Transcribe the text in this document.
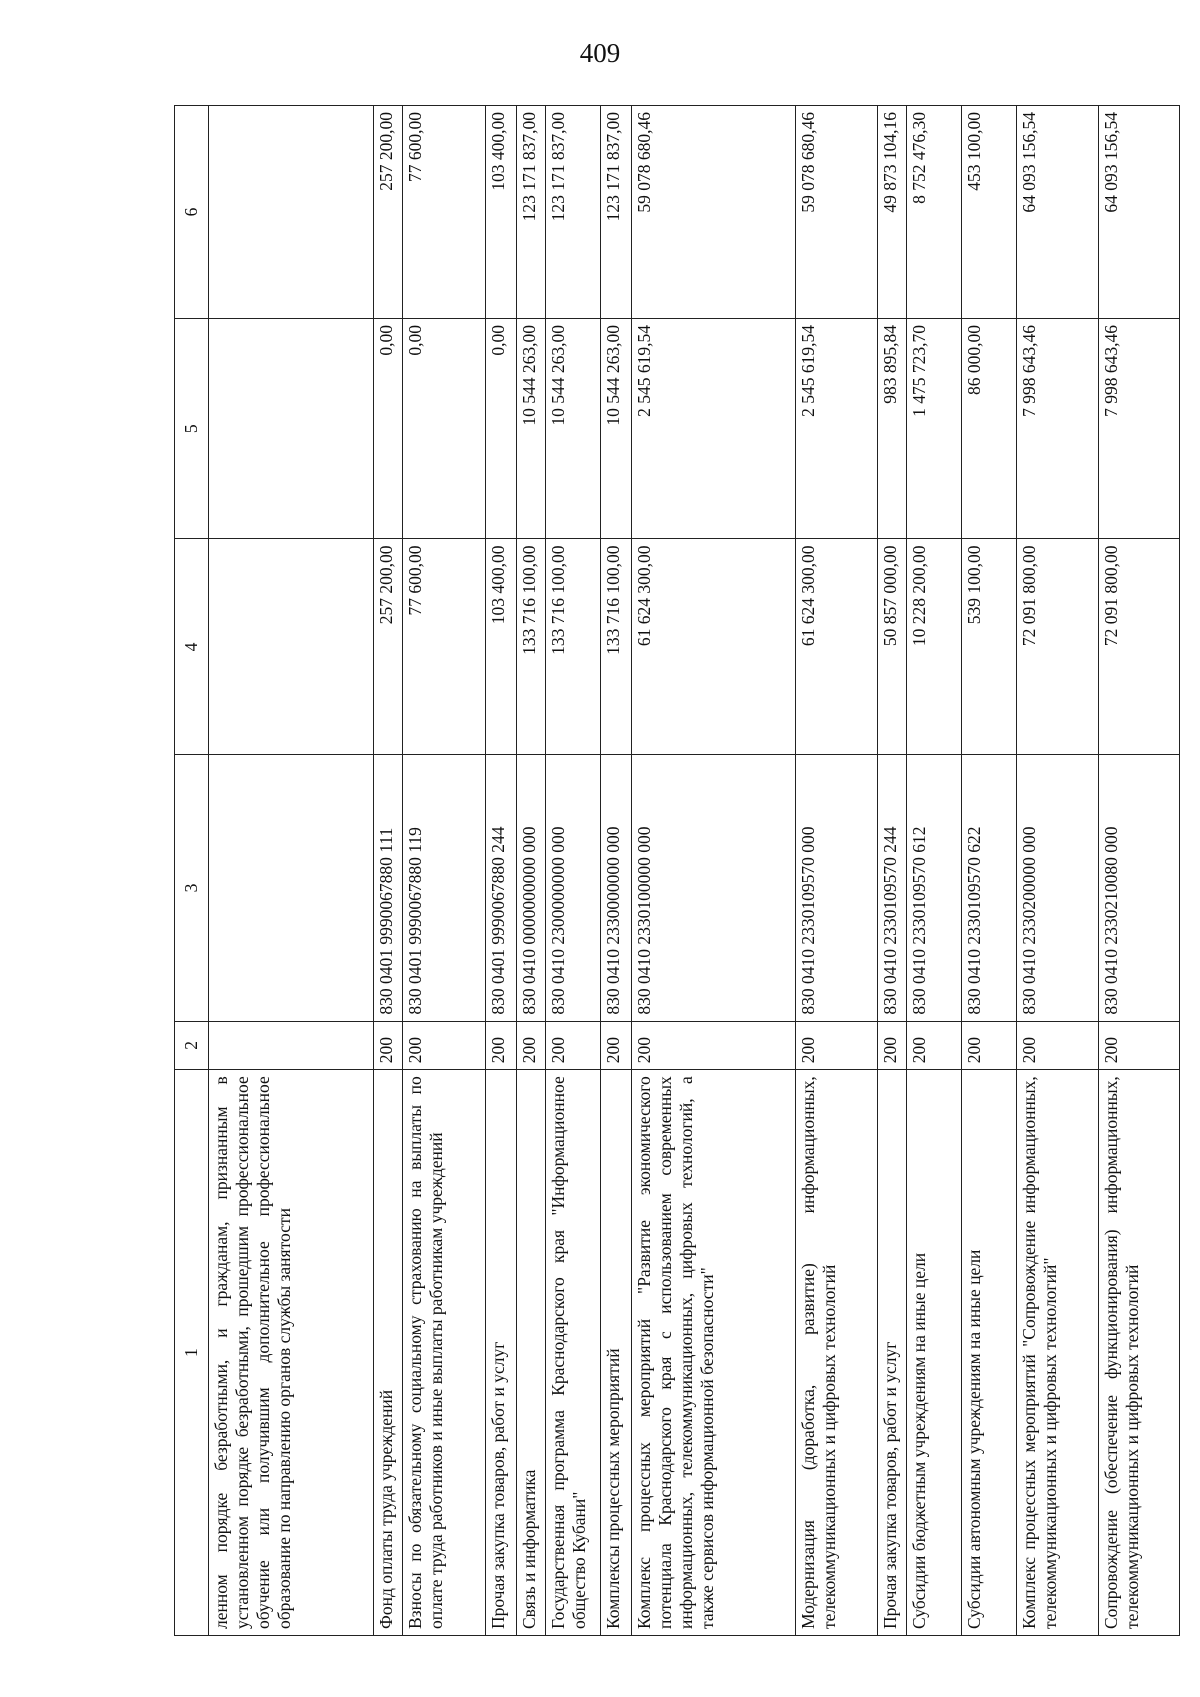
409
1	2	3	4	5	6
ленном порядке безработными, и гражданам, признанным в установленном порядке безработными, прошедшим профессиональное обучение или получившим дополнительное профессиональное образование по направлению органов службы занятости					
Фонд оплаты труда учреждений	200	830 0401 9990067880 111	257 200,00	0,00	257 200,00
Взносы по обязательному социальному страхованию на выплаты по оплате труда работников и иные выплаты работникам учреждений	200	830 0401 9990067880 119	77 600,00	0,00	77 600,00
Прочая закупка товаров, работ и услуг	200	830 0401 9990067880 244	103 400,00	0,00	103 400,00
Связь и информатика	200	830 0410 0000000000 000	133 716 100,00	10 544 263,00	123 171 837,00
Государственная программа Краснодарского края "Информационное общество Кубани"	200	830 0410 2300000000 000	133 716 100,00	10 544 263,00	123 171 837,00
Комплексы процессных мероприятий	200	830 0410 2330000000 000	133 716 100,00	10 544 263,00	123 171 837,00
Комплекс процессных мероприятий "Развитие экономического потенциала Краснодарского края с использованием современных информационных, телекоммуникационных, цифровых технологий, а также сервисов информационной безопасности"	200	830 0410 2330100000 000	61 624 300,00	2 545 619,54	59 078 680,46
Модернизация (доработка, развитие) информационных, телекоммуникационных и цифровых технологий	200	830 0410 2330109570 000	61 624 300,00	2 545 619,54	59 078 680,46
Прочая закупка товаров, работ и услуг	200	830 0410 2330109570 244	50 857 000,00	983 895,84	49 873 104,16
Субсидии бюджетным учреждениям на иные цели	200	830 0410 2330109570 612	10 228 200,00	1 475 723,70	8 752 476,30
Субсидии автономным учреждениям на иные цели	200	830 0410 2330109570 622	539 100,00	86 000,00	453 100,00
Комплекс процессных мероприятий "Сопровождение информационных, телекоммуникационных и цифровых технологий"	200	830 0410 2330200000 000	72 091 800,00	7 998 643,46	64 093 156,54
Сопровождение (обеспечение функционирования) информационных, телекоммуникационных и цифровых технологий	200	830 0410 2330210080 000	72 091 800,00	7 998 643,46	64 093 156,54
